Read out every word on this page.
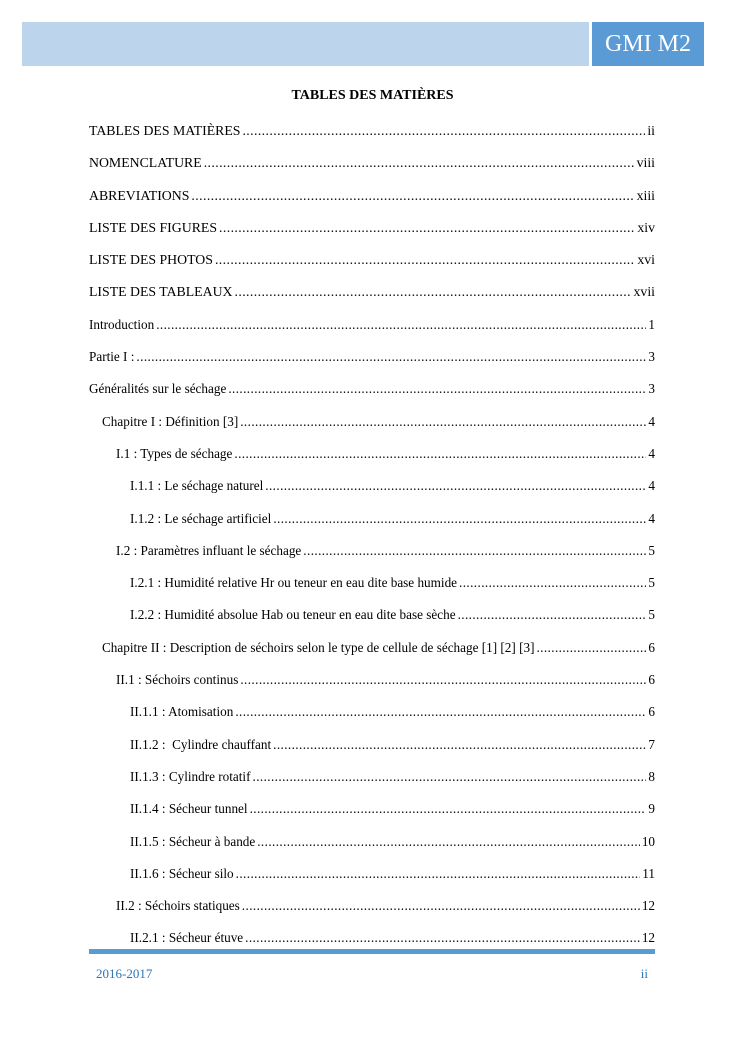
GMI M2
TABLES DES MATIÈRES
TABLES DES MATIÈRES .....	ii
NOMENCLATURE .....	viii
ABREVIATIONS .....	xiii
LISTE DES FIGURES .....	xiv
LISTE DES PHOTOS .....	xvi
LISTE DES TABLEAUX .....	xvii
Introduction .....	1
Partie I : .....	3
Généralités sur le séchage .....	3
Chapitre I : Définition [3] .....	4
I.1 : Types de séchage .....	4
I.1.1 : Le séchage naturel .....	4
I.1.2 : Le séchage artificiel .....	4
I.2 : Paramètres influant le séchage .....	5
I.2.1 : Humidité relative Hr ou teneur en eau dite base humide .....	5
I.2.2 : Humidité absolue Hab ou teneur en eau dite base sèche .....	5
Chapitre II : Description de séchoirs selon le type de cellule de séchage [1] [2] [3] .....	6
II.1 : Séchoirs continus .....	6
II.1.1 : Atomisation .....	6
II.1.2 :  Cylindre chauffant .....	7
II.1.3 : Cylindre rotatif .....	8
II.1.4 : Sécheur tunnel .....	9
II.1.5 : Sécheur à bande .....	10
II.1.6 : Sécheur silo .....	11
II.2 : Séchoirs statiques .....	12
II.2.1 : Sécheur étuve .....	12
2016-2017	ii
